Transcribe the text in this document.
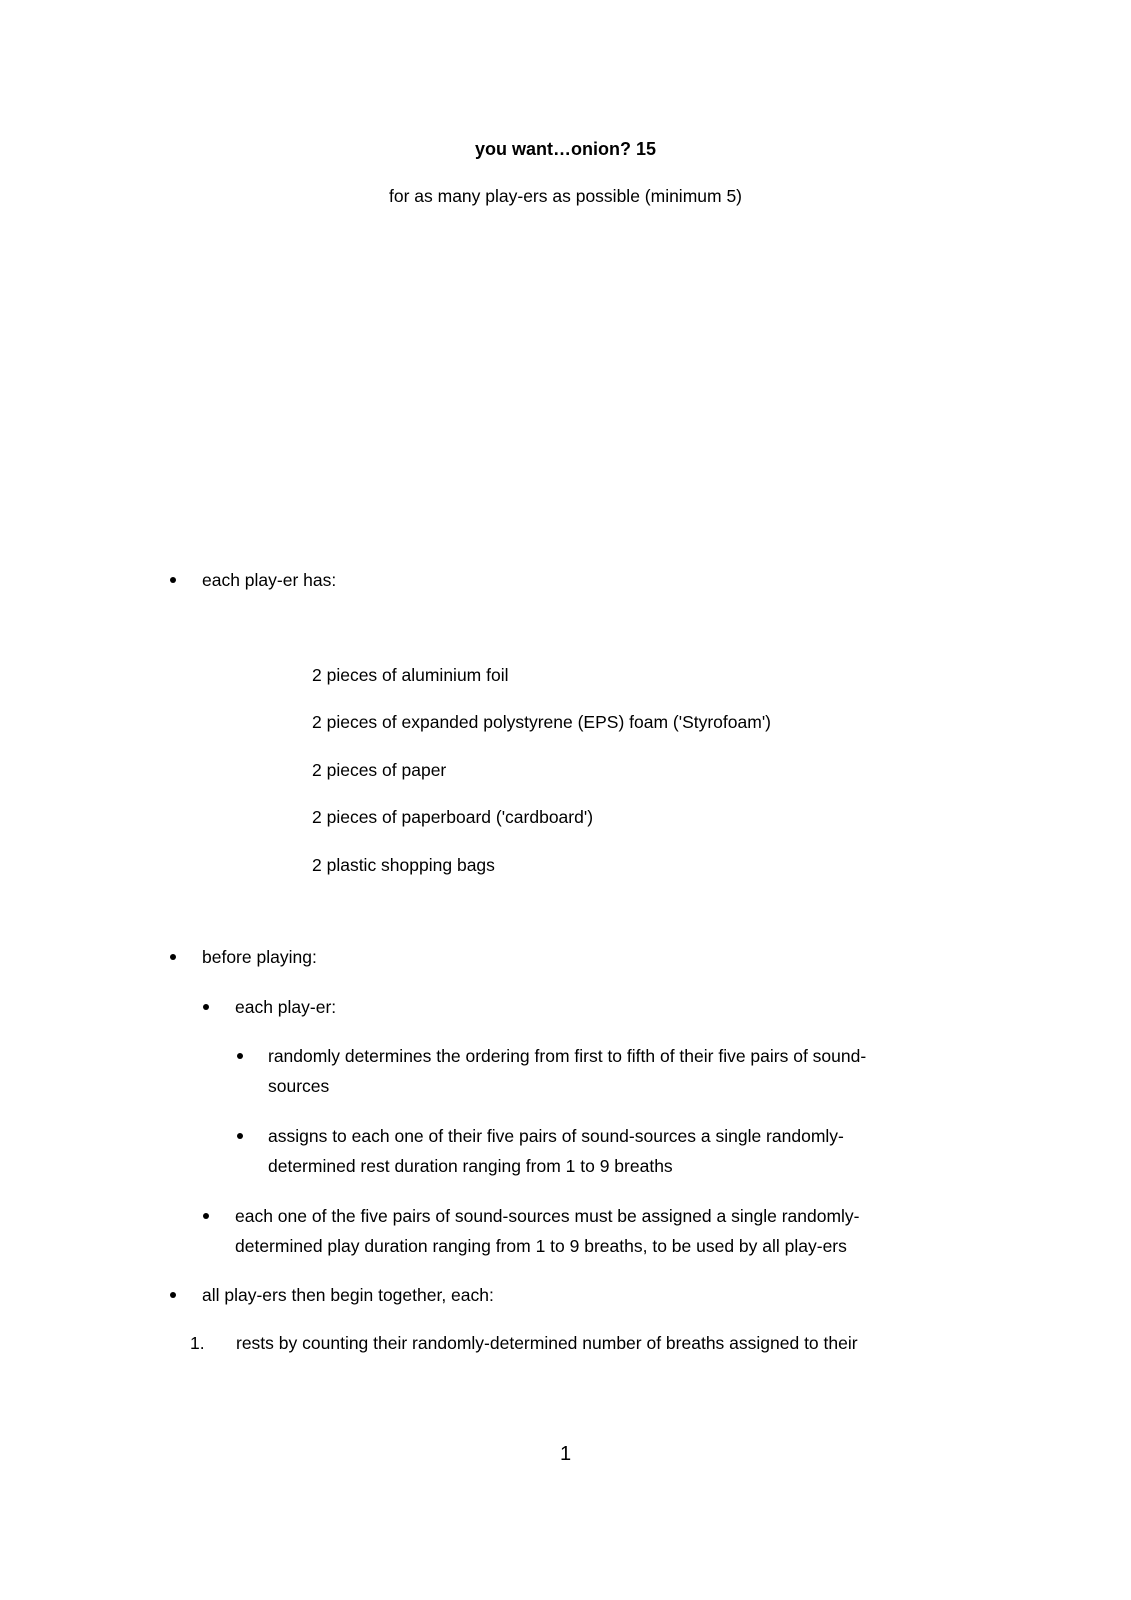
you want…onion? 15
for as many play-ers as possible (minimum 5)
each play-er has:
2 pieces of aluminium foil
2 pieces of expanded polystyrene (EPS) foam ('Styrofoam')
2 pieces of paper
2 pieces of paperboard ('cardboard')
2 plastic shopping bags
before playing:
each play-er:
randomly determines the ordering from first to fifth of their five pairs of sound-
sources
assigns to each one of their five pairs of sound-sources a single randomly-
determined rest duration ranging from 1 to 9 breaths
each one of the five pairs of sound-sources must be assigned a single randomly-
determined play duration ranging from 1 to 9 breaths, to be used by all play-ers
all play-ers then begin together, each:
1. rests by counting their randomly-determined number of breaths assigned to their
1
